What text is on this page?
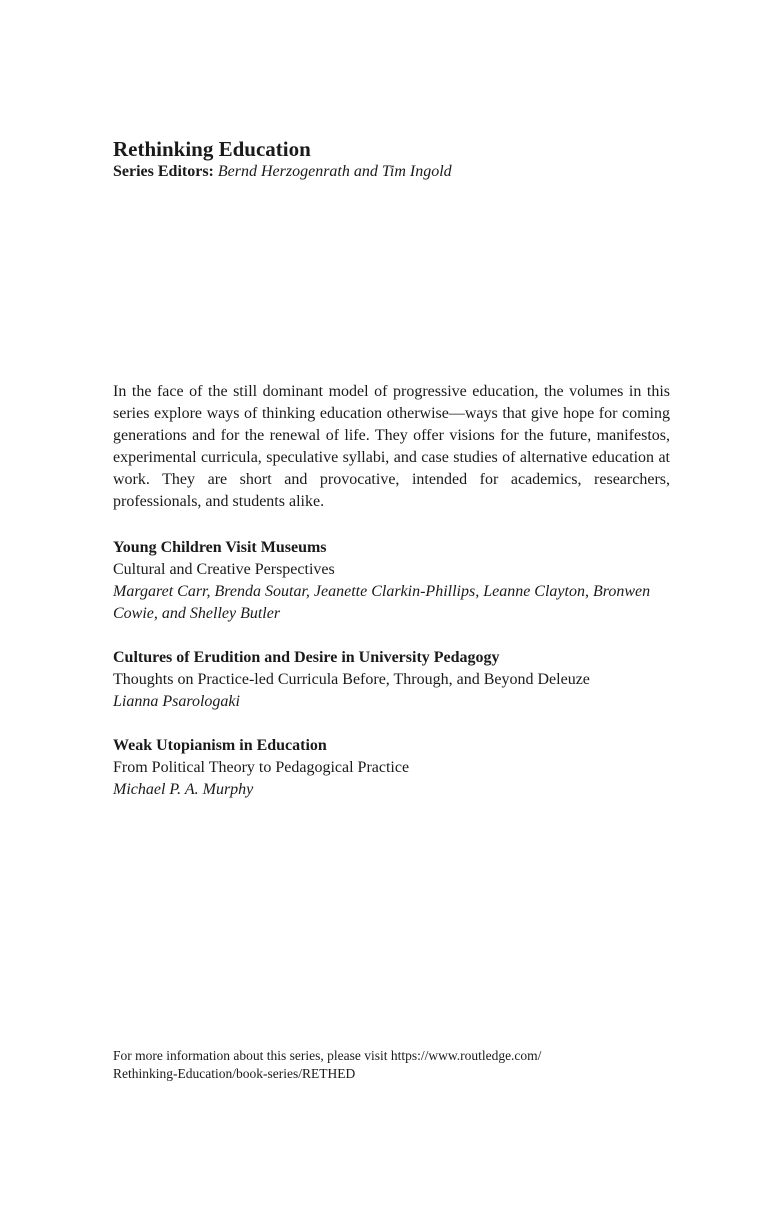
Rethinking Education
Series Editors: Bernd Herzogenrath and Tim Ingold

In the face of the still dominant model of progressive education, the volumes in this series explore ways of thinking education otherwise—ways that give hope for coming generations and for the renewal of life. They offer visions for the future, manifestos, experimental curricula, speculative syllabi, and case studies of alternative education at work. They are short and provocative, intended for academics, researchers, professionals, and students alike.

Young Children Visit Museums
Cultural and Creative Perspectives
Margaret Carr, Brenda Soutar, Jeanette Clarkin-Phillips, Leanne Clayton, Bronwen Cowie, and Shelley Butler
Cultures of Erudition and Desire in University Pedagogy
Thoughts on Practice-led Curricula Before, Through, and Beyond Deleuze
Lianna Psarologaki
Weak Utopianism in Education
From Political Theory to Pedagogical Practice
Michael P. A. Murphy
For more information about this series, please visit https://www.routledge.com/
Rethinking-Education/book-series/RETHED
